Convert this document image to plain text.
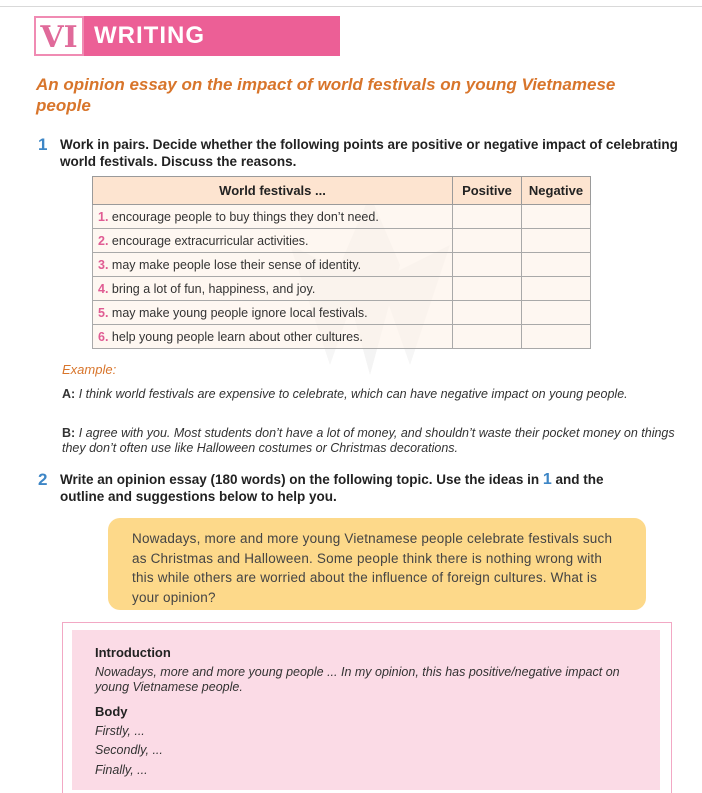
VI WRITING
An opinion essay on the impact of world festivals on young Vietnamese people
1 Work in pairs. Decide whether the following points are positive or negative impact of celebrating world festivals. Discuss the reasons.
World festivals ...	Positive	Negative
1. encourage people to buy things they don’t need.		
2. encourage extracurricular activities.		
3. may make people lose their sense of identity.		
4. bring a lot of fun, happiness, and joy.		
5. may make young people ignore local festivals.		
6. help young people learn about other cultures.		
Example:
A: I think world festivals are expensive to celebrate, which can have negative impact on young people.
B: I agree with you. Most students don’t have a lot of money, and shouldn’t waste their pocket money on things they don’t often use like Halloween costumes or Christmas decorations.
2 Write an opinion essay (180 words) on the following topic. Use the ideas in 1 and the outline and suggestions below to help you.
Nowadays, more and more young Vietnamese people celebrate festivals such as Christmas and Halloween. Some people think there is nothing wrong with this while others are worried about the influence of foreign cultures. What is your opinion?
Introduction
Nowadays, more and more young people ... In my opinion, this has positive/negative impact on young Vietnamese people.
Body
Firstly, ...
Secondly, ...
Finally, ...
